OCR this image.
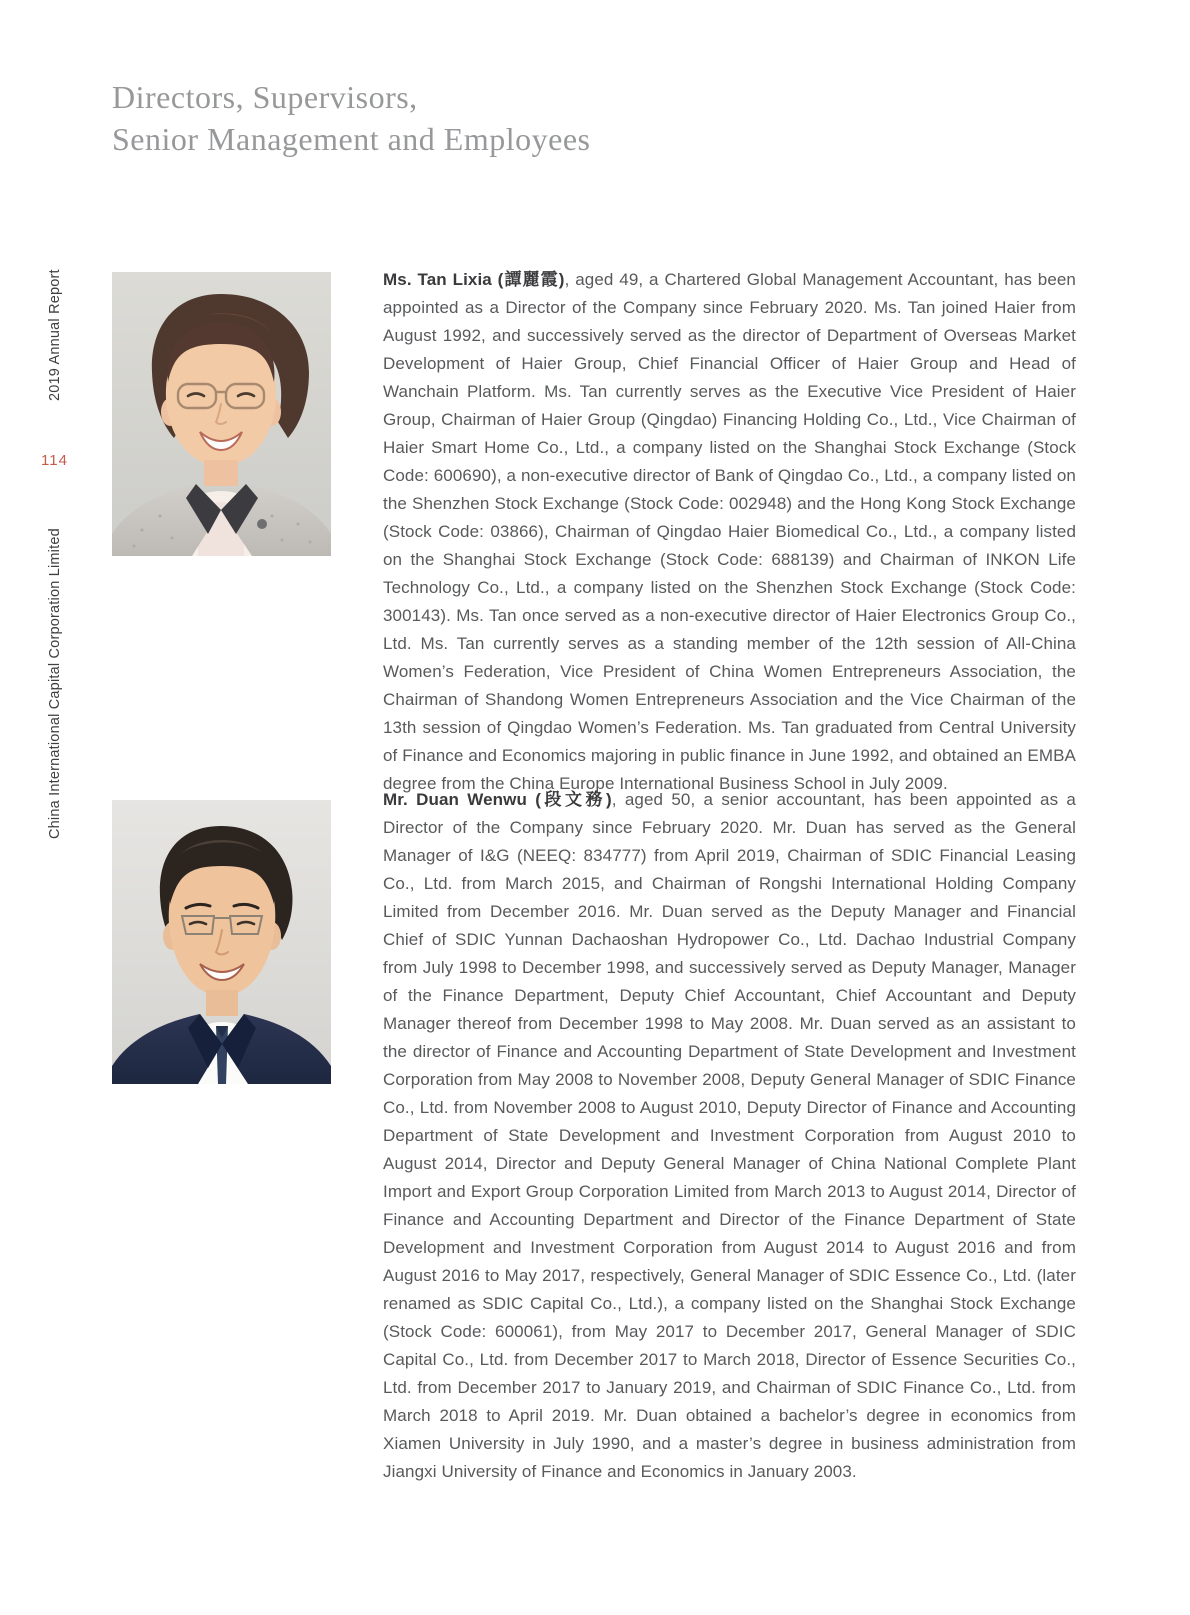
Directors, Supervisors,
Senior Management and Employees
2019 Annual Report
114
China International Capital Corporation Limited

Ms. Tan Lixia (譚麗霞), aged 49, a Chartered Global Management Accountant, has been appointed as a Director of the Company since February 2020. Ms. Tan joined Haier from August 1992, and successively served as the director of Department of Overseas Market Development of Haier Group, Chief Financial Officer of Haier Group and Head of Wanchain Platform. Ms. Tan currently serves as the Executive Vice President of Haier Group, Chairman of Haier Group (Qingdao) Financing Holding Co., Ltd., Vice Chairman of Haier Smart Home Co., Ltd., a company listed on the Shanghai Stock Exchange (Stock Code: 600690), a non-executive director of Bank of Qingdao Co., Ltd., a company listed on the Shenzhen Stock Exchange (Stock Code: 002948) and the Hong Kong Stock Exchange (Stock Code: 03866), Chairman of Qingdao Haier Biomedical Co., Ltd., a company listed on the Shanghai Stock Exchange (Stock Code: 688139) and Chairman of INKON Life Technology Co., Ltd., a company listed on the Shenzhen Stock Exchange (Stock Code: 300143). Ms. Tan once served as a non-executive director of Haier Electronics Group Co., Ltd. Ms. Tan currently serves as a standing member of the 12th session of All-China Women’s Federation, Vice President of China Women Entrepreneurs Association, the Chairman of Shandong Women Entrepreneurs Association and the Vice Chairman of the 13th session of Qingdao Women’s Federation. Ms. Tan graduated from Central University of Finance and Economics majoring in public finance in June 1992, and obtained an EMBA degree from the China Europe International Business School in July 2009.

Mr. Duan Wenwu (段文務), aged 50, a senior accountant, has been appointed as a Director of the Company since February 2020. Mr. Duan has served as the General Manager of I&G (NEEQ: 834777) from April 2019, Chairman of SDIC Financial Leasing Co., Ltd. from March 2015, and Chairman of Rongshi International Holding Company Limited from December 2016. Mr. Duan served as the Deputy Manager and Financial Chief of SDIC Yunnan Dachaoshan Hydropower Co., Ltd. Dachao Industrial Company from July 1998 to December 1998, and successively served as Deputy Manager, Manager of the Finance Department, Deputy Chief Accountant, Chief Accountant and Deputy Manager thereof from December 1998 to May 2008. Mr. Duan served as an assistant to the director of Finance and Accounting Department of State Development and Investment Corporation from May 2008 to November 2008, Deputy General Manager of SDIC Finance Co., Ltd. from November 2008 to August 2010, Deputy Director of Finance and Accounting Department of State Development and Investment Corporation from August 2010 to August 2014, Director and Deputy General Manager of China National Complete Plant Import and Export Group Corporation Limited from March 2013 to August 2014, Director of Finance and Accounting Department and Director of the Finance Department of State Development and Investment Corporation from August 2014 to August 2016 and from August 2016 to May 2017, respectively, General Manager of SDIC Essence Co., Ltd. (later renamed as SDIC Capital Co., Ltd.), a company listed on the Shanghai Stock Exchange (Stock Code: 600061), from May 2017 to December 2017, General Manager of SDIC Capital Co., Ltd. from December 2017 to March 2018, Director of Essence Securities Co., Ltd. from December 2017 to January 2019, and Chairman of SDIC Finance Co., Ltd. from March 2018 to April 2019. Mr. Duan obtained a bachelor’s degree in economics from Xiamen University in July 1990, and a master’s degree in business administration from Jiangxi University of Finance and Economics in January 2003.
